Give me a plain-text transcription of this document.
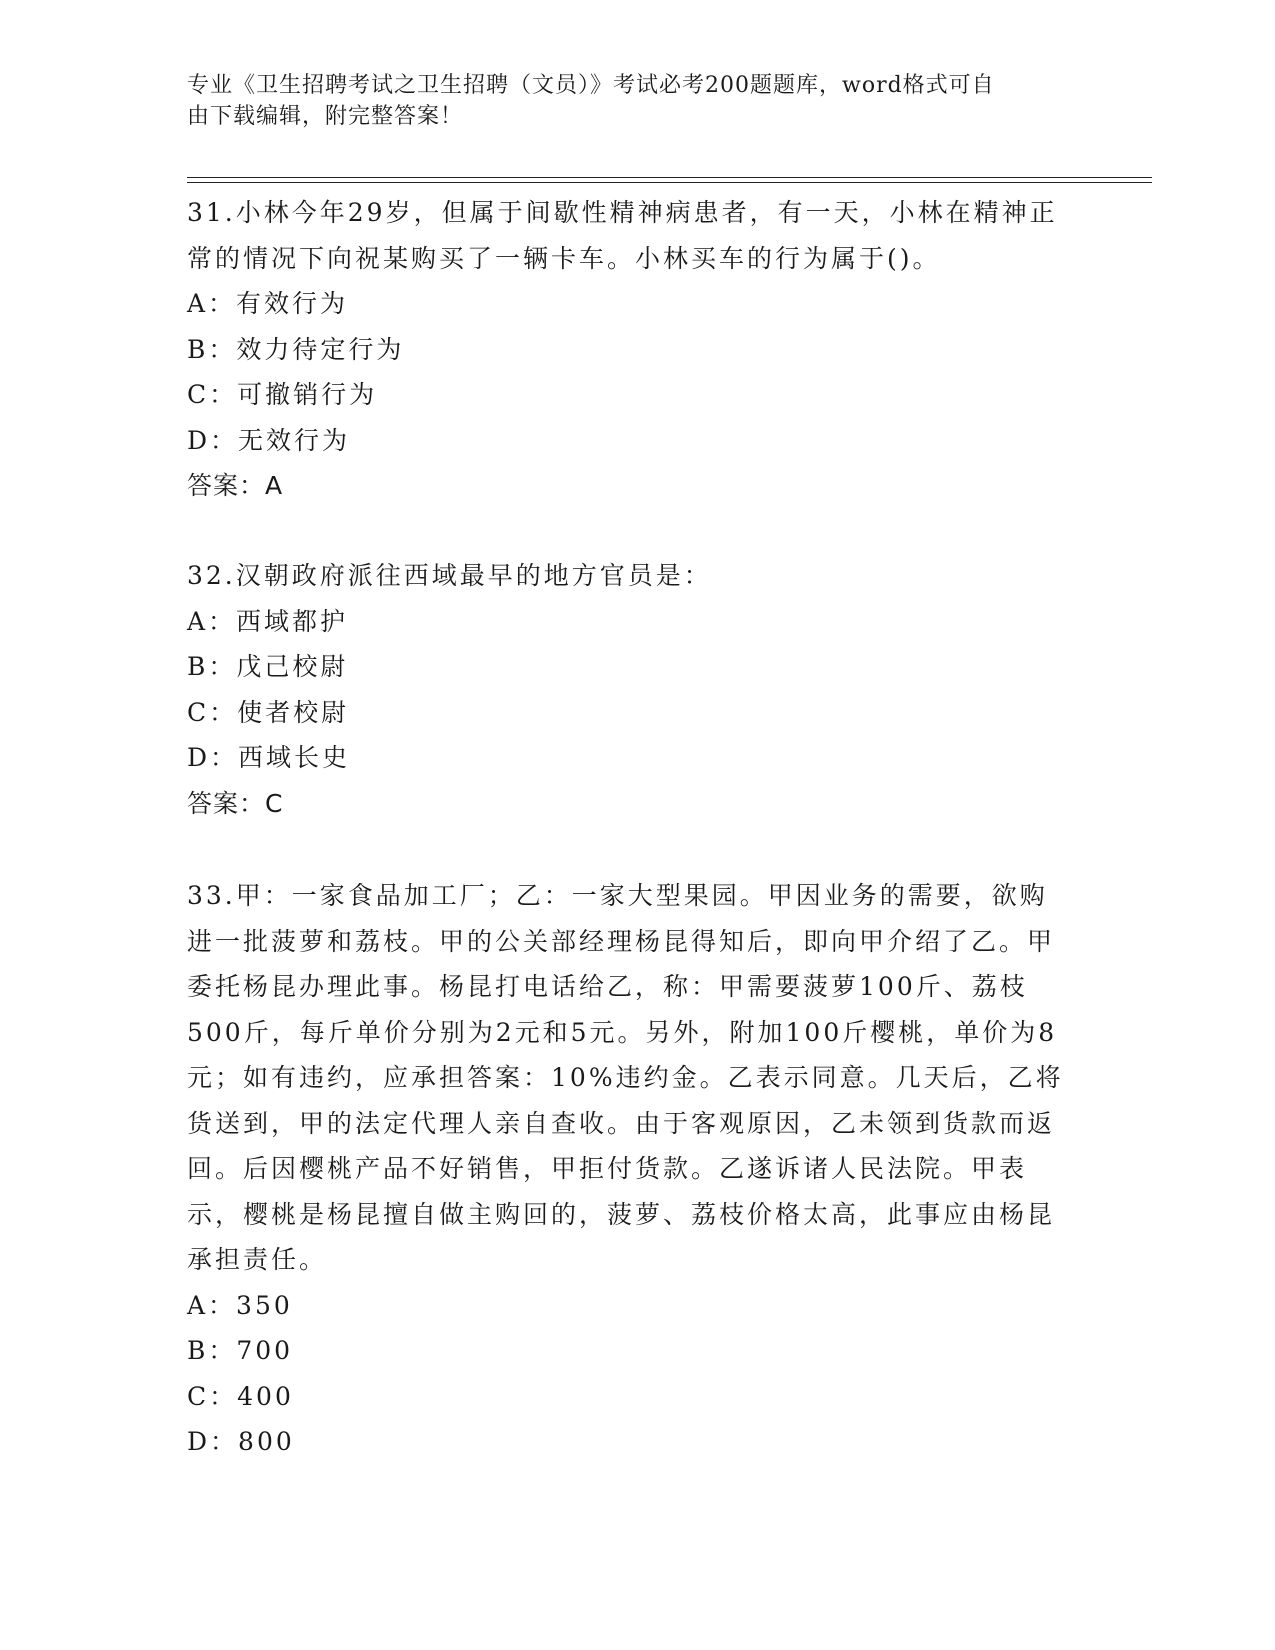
专业《卫生招聘考试之卫生招聘（文员）》考试必考200题题库，word格式可自
由下载编辑，附完整答案！
31.小林今年29岁，但属于间歇性精神病患者，有一天，小林在精神正常的情况下向祝某购买了一辆卡车。小林买车的行为属于()。
A：有效行为
B：效力待定行为
C：可撤销行为
D：无效行为
答案：A
32.汉朝政府派往西域最早的地方官员是：
A：西域都护
B：戊己校尉
C：使者校尉
D：西域长史
答案：C
33.甲：一家食品加工厂；乙：一家大型果园。甲因业务的需要，欲购进一批菠萝和荔枝。甲的公关部经理杨昆得知后，即向甲介绍了乙。甲委托杨昆办理此事。杨昆打电话给乙，称：甲需要菠萝100斤、荔枝500斤，每斤单价分别为2元和5元。另外，附加100斤樱桃，单价为8元；如有违约，应承担答案：10%违约金。乙表示同意。几天后，乙将货送到，甲的法定代理人亲自查收。由于客观原因，乙未领到货款而返回。后因樱桃产品不好销售，甲拒付货款。乙遂诉诸人民法院。甲表示，樱桃是杨昆擅自做主购回的，菠萝、荔枝价格太高，此事应由杨昆承担责任。
A：350
B：700
C：400
D：800
